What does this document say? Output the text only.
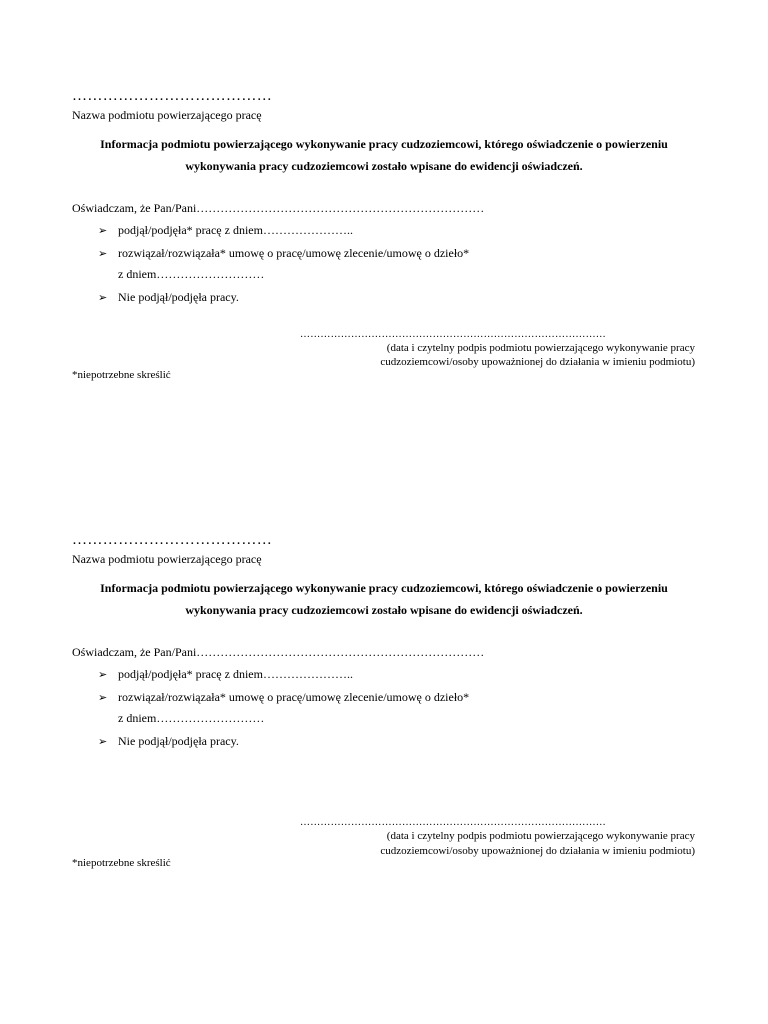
…………………………………
Nazwa podmiotu powierzającego pracę
Informacja podmiotu powierzającego wykonywanie pracy cudzoziemcowi, którego oświadczenie o powierzeniu
wykonywania pracy cudzoziemcowi zostało wpisane do ewidencji oświadczeń.
Oświadczam, że Pan/Pani………………………………………………………………
➢ podjął/podjęła* pracę z dniem…………………..
➢ rozwiązał/rozwiązała* umowę o pracę/umowę zlecenie/umowę o dzieło*
z dniem………………………
➢ Nie podjął/podjęła pracy.
………………………………………………………………………………
(data i czytelny podpis podmiotu powierzającego wykonywanie pracy
cudzoziemcowi/osoby upoważnionej do działania w imieniu podmiotu)
*niepotrzebne skreślić
…………………………………
Nazwa podmiotu powierzającego pracę
Informacja podmiotu powierzającego wykonywanie pracy cudzoziemcowi, którego oświadczenie o powierzeniu
wykonywania pracy cudzoziemcowi zostało wpisane do ewidencji oświadczeń.
Oświadczam, że Pan/Pani………………………………………………………………
➢ podjął/podjęła* pracę z dniem…………………..
➢ rozwiązał/rozwiązała* umowę o pracę/umowę zlecenie/umowę o dzieło*
z dniem………………………
➢ Nie podjął/podjęła pracy.
………………………………………………………………………………
(data i czytelny podpis podmiotu powierzającego wykonywanie pracy
cudzoziemcowi/osoby upoważnionej do działania w imieniu podmiotu)
*niepotrzebne skreślić
